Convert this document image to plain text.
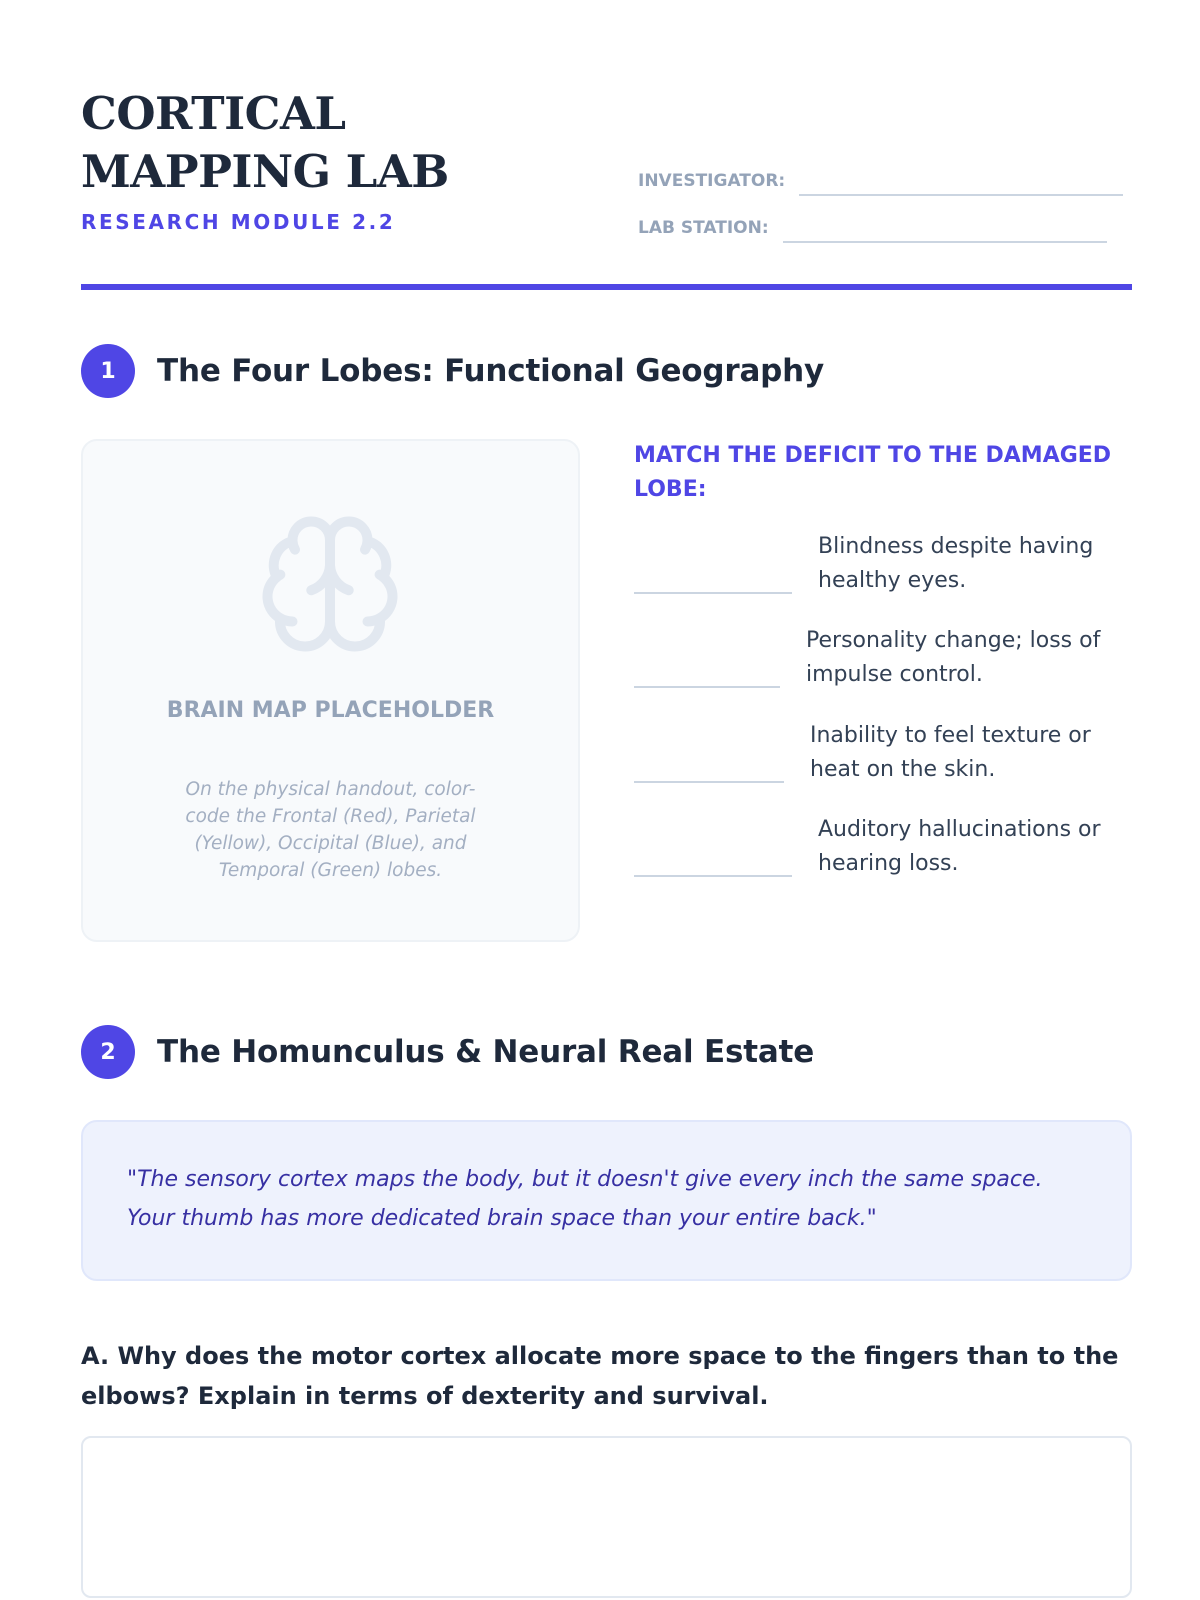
CORTICAL MAPPING LAB
RESEARCH MODULE 2.2
INVESTIGATOR:
LAB STATION:
1	The Four Lobes: Functional Geography
BRAIN MAP PLACEHOLDER
On the physical handout, color-code the Frontal (Red), Parietal (Yellow), Occipital (Blue), and Temporal (Green) lobes.
MATCH THE DEFICIT TO THE DAMAGED LOBE:
Blindness despite having healthy eyes.
Personality change; loss of impulse control.
Inability to feel texture or heat on the skin.
Auditory hallucinations or hearing loss.
2	The Homunculus & Neural Real Estate

"The sensory cortex maps the body, but it doesn't give every inch the same space. Your thumb has more dedicated brain space than your entire back."

A. Why does the motor cortex allocate more space to the fingers than to the elbows? Explain in terms of dexterity and survival.
